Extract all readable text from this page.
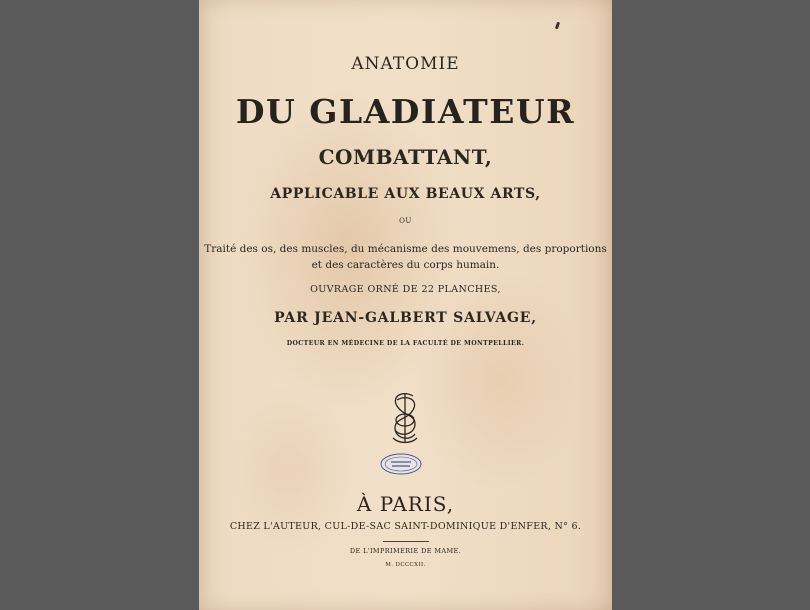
ANATOMIE
DU GLADIATEUR
COMBATTANT,
APPLICABLE AUX BEAUX ARTS,
OU
Traité des os, des muscles, du mécanisme des mouvemens, des proportions
et des caractères du corps humain.
OUVRAGE ORNÉ DE 22 PLANCHES,
PAR JEAN-GALBERT SALVAGE,
DOCTEUR EN MÉDECINE DE LA FACULTÉ DE MONTPELLIER.
À PARIS,
CHEZ L'AUTEUR, CUL-DE-SAC SAINT-DOMINIQUE D'ENFER, N° 6.
DE L'IMPRIMERIE DE MAME.
M. DCCCXII.
